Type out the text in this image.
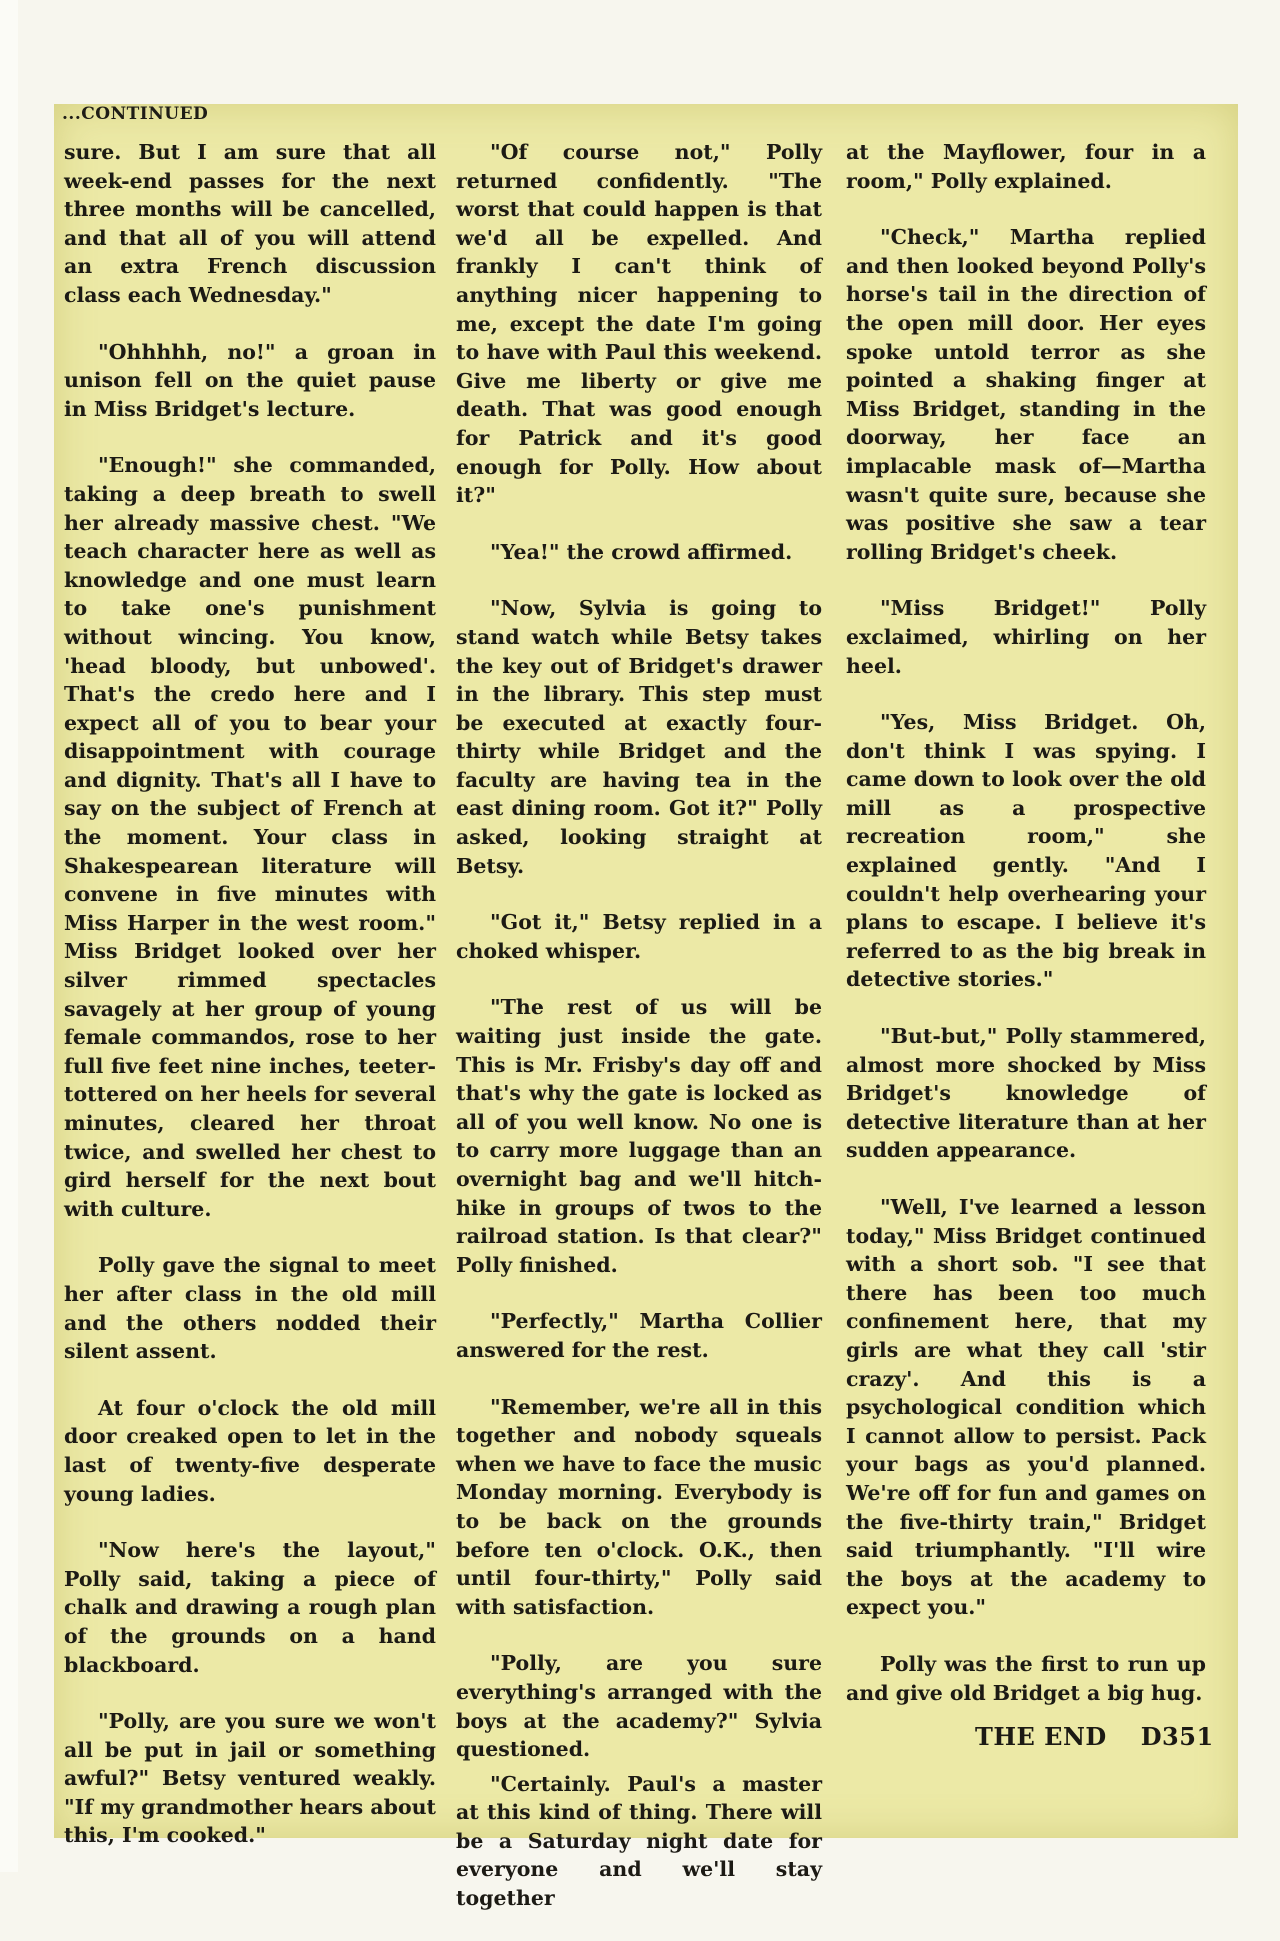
...CONTINUED

sure. But I am sure that all week-end passes for the next three months will be cancelled, and that all of you will attend an extra French discussion class each Wednesday."

"Ohhhhh, no!" a groan in unison fell on the quiet pause in Miss Bridget's lecture.

"Enough!" she commanded, taking a deep breath to swell her already massive chest. "We teach character here as well as knowledge and one must learn to take one's punishment without wincing. You know, 'head bloody, but unbowed'. That's the credo here and I expect all of you to bear your disappointment with courage and dignity. That's all I have to say on the subject of French at the moment. Your class in Shakespearean literature will convene in five minutes with Miss Harper in the west room." Miss Bridget looked over her silver rimmed spectacles savagely at her group of young female commandos, rose to her full five feet nine inches, teeter-tottered on her heels for several minutes, cleared her throat twice, and swelled her chest to gird herself for the next bout with culture.

Polly gave the signal to meet her after class in the old mill and the others nodded their silent assent.

At four o'clock the old mill door creaked open to let in the last of twenty-five desperate young ladies.

"Now here's the layout," Polly said, taking a piece of chalk and drawing a rough plan of the grounds on a hand blackboard.

"Polly, are you sure we won't all be put in jail or something awful?" Betsy ventured weakly. "If my grandmother hears about this, I'm cooked."

"Of course not," Polly returned confidently. "The worst that could happen is that we'd all be expelled. And frankly I can't think of anything nicer happening to me, except the date I'm going to have with Paul this weekend. Give me liberty or give me death. That was good enough for Patrick and it's good enough for Polly. How about it?"

"Yea!" the crowd affirmed.

"Now, Sylvia is going to stand watch while Betsy takes the key out of Bridget's drawer in the library. This step must be executed at exactly four-thirty while Bridget and the faculty are having tea in the east dining room. Got it?" Polly asked, looking straight at Betsy.

"Got it," Betsy replied in a choked whisper.

"The rest of us will be waiting just inside the gate. This is Mr. Frisby's day off and that's why the gate is locked as all of you well know. No one is to carry more luggage than an overnight bag and we'll hitch-hike in groups of twos to the railroad station. Is that clear?" Polly finished.

"Perfectly," Martha Collier answered for the rest.

"Remember, we're all in this together and nobody squeals when we have to face the music Monday morning. Everybody is to be back on the grounds before ten o'clock. O.K., then until four-thirty," Polly said with satisfaction.

"Polly, are you sure everything's arranged with the boys at the academy?" Sylvia questioned.

"Certainly. Paul's a master at this kind of thing. There will be a Saturday night date for everyone and we'll stay together

at the Mayflower, four in a room," Polly explained.

"Check," Martha replied and then looked beyond Polly's horse's tail in the direction of the open mill door. Her eyes spoke untold terror as she pointed a shaking finger at Miss Bridget, standing in the doorway, her face an implacable mask of—Martha wasn't quite sure, because she was positive she saw a tear rolling Bridget's cheek.

"Miss Bridget!" Polly exclaimed, whirling on her heel.

"Yes, Miss Bridget. Oh, don't think I was spying. I came down to look over the old mill as a prospective recreation room," she explained gently. "And I couldn't help overhearing your plans to escape. I believe it's referred to as the big break in detective stories."

"But-but," Polly stammered, almost more shocked by Miss Bridget's knowledge of detective literature than at her sudden appearance.

"Well, I've learned a lesson today," Miss Bridget continued with a short sob. "I see that there has been too much confinement here, that my girls are what they call 'stir crazy'. And this is a psychological condition which I cannot allow to persist. Pack your bags as you'd planned. We're off for fun and games on the five-thirty train," Bridget said triumphantly. "I'll wire the boys at the academy to expect you."

Polly was the first to run up and give old Bridget a big hug.

THE END D351
